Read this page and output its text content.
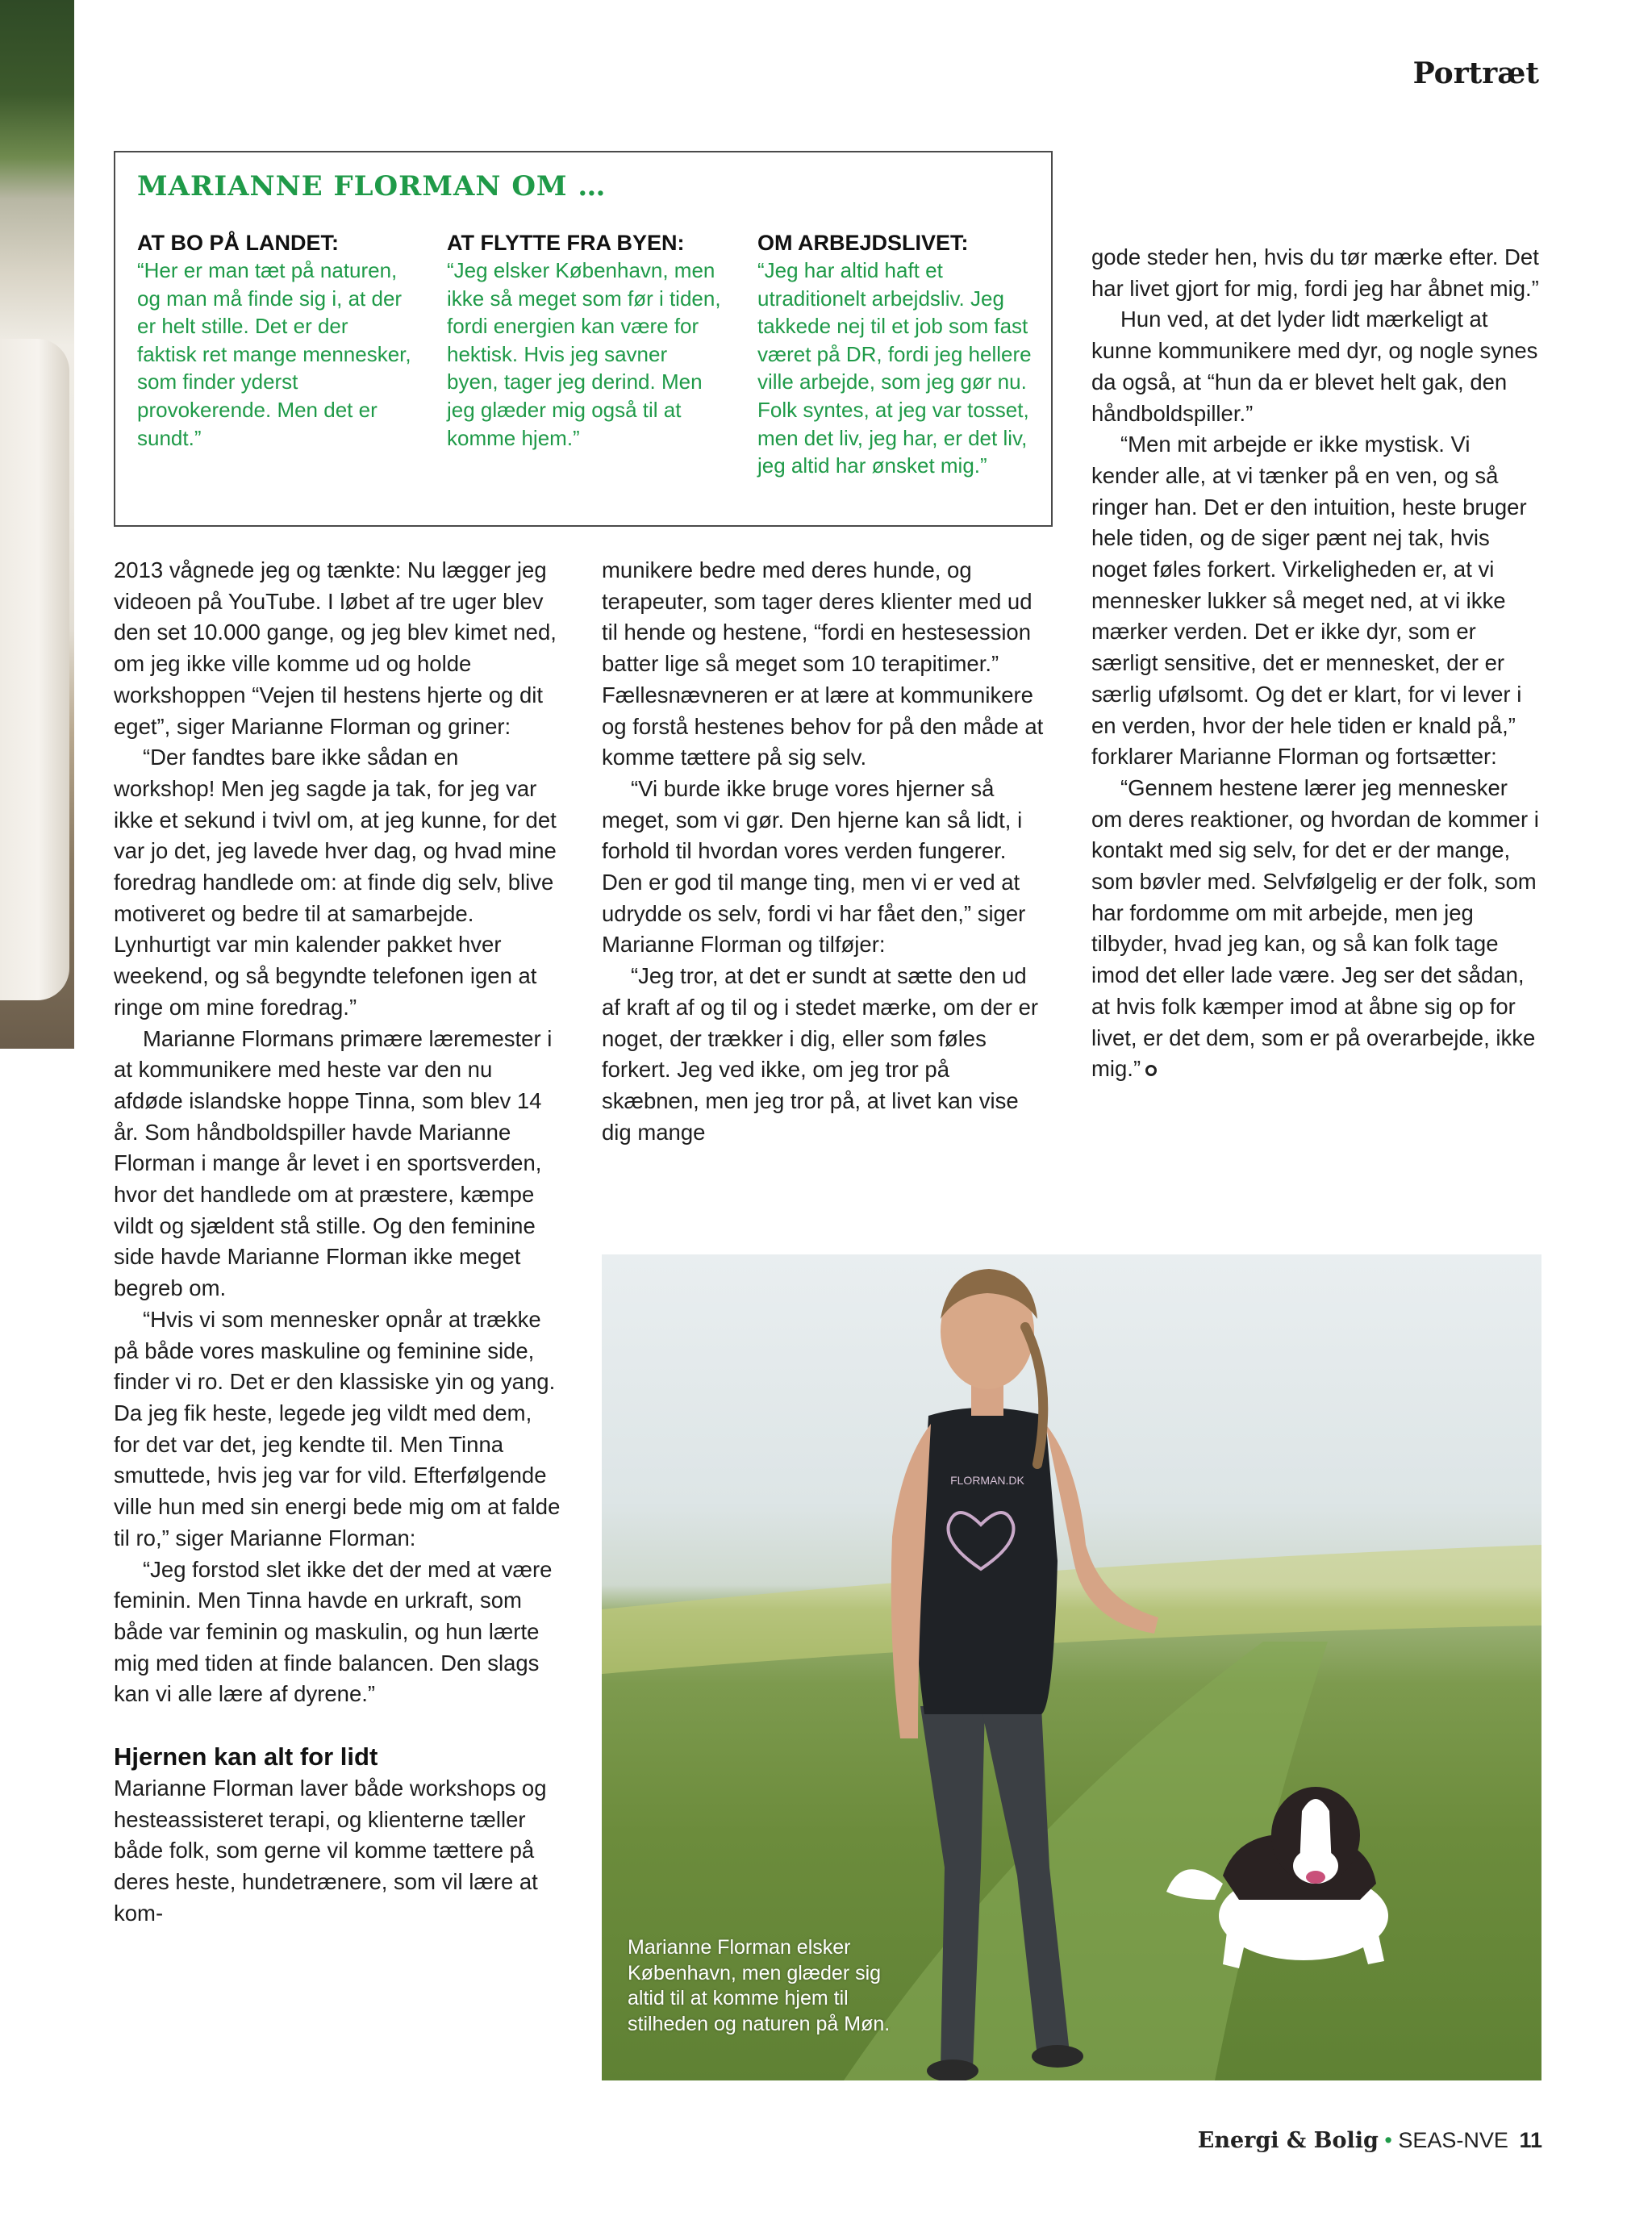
Portræt
MARIANNE FLORMAN OM …
AT BO PÅ LANDET:
“Her er man tæt på naturen, og man må finde sig i, at der er helt stille. Det er der faktisk ret mange mennesker, som finder yderst provokerende. Men det er sundt.”
AT FLYTTE FRA BYEN:
“Jeg elsker København, men ikke så meget som før i tiden, fordi energien kan være for hektisk. Hvis jeg savner byen, tager jeg derind. Men jeg glæder mig også til at komme hjem.”
OM ARBEJDSLIVET:
“Jeg har altid haft et utraditionelt arbejdsliv. Jeg takkede nej til et job som fast været på DR, fordi jeg hellere ville arbejde, som jeg gør nu. Folk syntes, at jeg var tosset, men det liv, jeg har, er det liv, jeg altid har ønsket mig.”

2013 vågnede jeg og tænkte: Nu lægger jeg videoen på YouTube. I løbet af tre uger blev den set 10.000 gange, og jeg blev kimet ned, om jeg ikke ville komme ud og holde workshoppen “Vejen til hestens hjerte og dit eget”, siger Marianne Florman og griner:

“Der fandtes bare ikke sådan en workshop! Men jeg sagde ja tak, for jeg var ikke et sekund i tvivl om, at jeg kunne, for det var jo det, jeg lavede hver dag, og hvad mine foredrag handlede om: at finde dig selv, blive motiveret og bedre til at samarbejde. Lynhurtigt var min kalender pakket hver weekend, og så begyndte telefonen igen at ringe om mine foredrag.”

Marianne Flormans primære læremester i at kommunikere med heste var den nu afdøde islandske hoppe Tinna, som blev 14 år. Som håndboldspiller havde Marianne Florman i mange år levet i en sportsverden, hvor det handlede om at præstere, kæmpe vildt og sjældent stå stille. Og den feminine side havde Marianne Florman ikke meget begreb om.

“Hvis vi som mennesker opnår at trække på både vores maskuline og feminine side, finder vi ro. Det er den klassiske yin og yang. Da jeg fik heste, legede jeg vildt med dem, for det var det, jeg kendte til. Men Tinna smuttede, hvis jeg var for vild. Efterfølgende ville hun med sin energi bede mig om at falde til ro,” siger Marianne Florman:

“Jeg forstod slet ikke det der med at være feminin. Men Tinna havde en urkraft, som både var feminin og maskulin, og hun lærte mig med tiden at finde balancen. Den slags kan vi alle lære af dyrene.”

Hjernen kan alt for lidt

Marianne Florman laver både workshops og hesteassisteret terapi, og klienterne tæller både folk, som gerne vil komme tættere på deres heste, hundetrænere, som vil lære at kom-

munikere bedre med deres hunde, og terapeuter, som tager deres klienter med ud til hende og hestene, “fordi en hestesession batter lige så meget som 10 terapitimer.” Fællesnævneren er at lære at kommunikere og forstå hestenes behov for på den måde at komme tættere på sig selv.

“Vi burde ikke bruge vores hjerner så meget, som vi gør. Den hjerne kan så lidt, i forhold til hvordan vores verden fungerer. Den er god til mange ting, men vi er ved at udrydde os selv, fordi vi har fået den,” siger Marianne Florman og tilføjer:

“Jeg tror, at det er sundt at sætte den ud af kraft af og til og i stedet mærke, om der er noget, der trækker i dig, eller som føles forkert. Jeg ved ikke, om jeg tror på skæbnen, men jeg tror på, at livet kan vise dig mange

gode steder hen, hvis du tør mærke efter. Det har livet gjort for mig, fordi jeg har åbnet mig.”

Hun ved, at det lyder lidt mærkeligt at kunne kommunikere med dyr, og nogle synes da også, at “hun da er blevet helt gak, den håndboldspiller.”

“Men mit arbejde er ikke mystisk. Vi kender alle, at vi tænker på en ven, og så ringer han. Det er den intuition, heste bruger hele tiden, og de siger pænt nej tak, hvis noget føles forkert. Virkeligheden er, at vi mennesker lukker så meget ned, at vi ikke mærker verden. Det er ikke dyr, som er særligt sensitive, det er mennesket, der er særlig ufølsomt. Og det er klart, for vi lever i en verden, hvor der hele tiden er knald på,” forklarer Marianne Florman og fortsætter:

“Gennem hestene lærer jeg mennesker om deres reaktioner, og hvordan de kommer i kontakt med sig selv, for det er der mange, som bøvler med. Selvfølgelig er der folk, som har fordomme om mit arbejde, men jeg tilbyder, hvad jeg kan, og så kan folk tage imod det eller lade være. Jeg ser det sådan, at hvis folk kæmper imod at åbne sig op for livet, er det dem, som er på overarbejde, ikke mig.”

FLORMAN.DK
Marianne Florman elsker København, men glæder sig altid til at komme hjem til stilheden og naturen på Møn.
Energi & Bolig • SEAS-NVE 11
